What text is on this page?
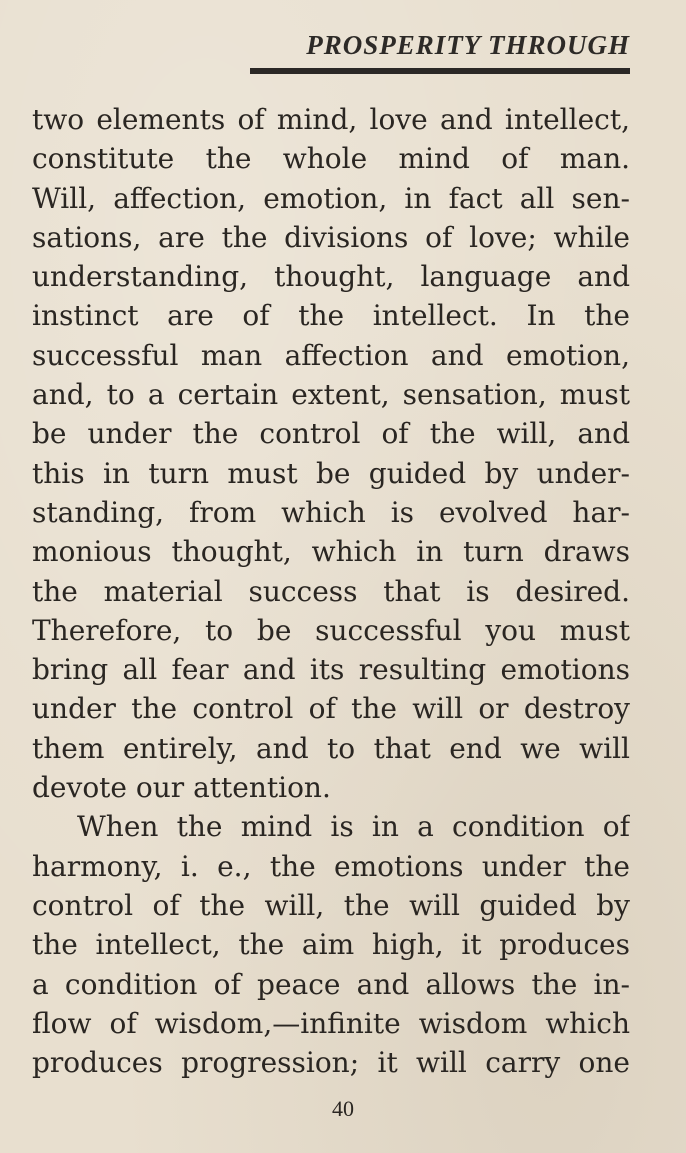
PROSPERITY THROUGH
two elements of mind, love and intellect,
constitute the whole mind of man.
Will, affection, emotion, in fact all sen-
sations, are the divisions of love; while
understanding, thought, language and
instinct are of the intellect. In the
successful man affection and emotion,
and, to a certain extent, sensation, must
be under the control of the will, and
this in turn must be guided by under-
standing, from which is evolved har-
monious thought, which in turn draws
the material success that is desired.
Therefore, to be successful you must
bring all fear and its resulting emotions
under the control of the will or destroy
them entirely, and to that end we will
devote our attention.
When the mind is in a condition of
harmony, i. e., the emotions under the
control of the will, the will guided by
the intellect, the aim high, it produces
a condition of peace and allows the in-
flow of wisdom,—infinite wisdom which
produces progression; it will carry one
40
